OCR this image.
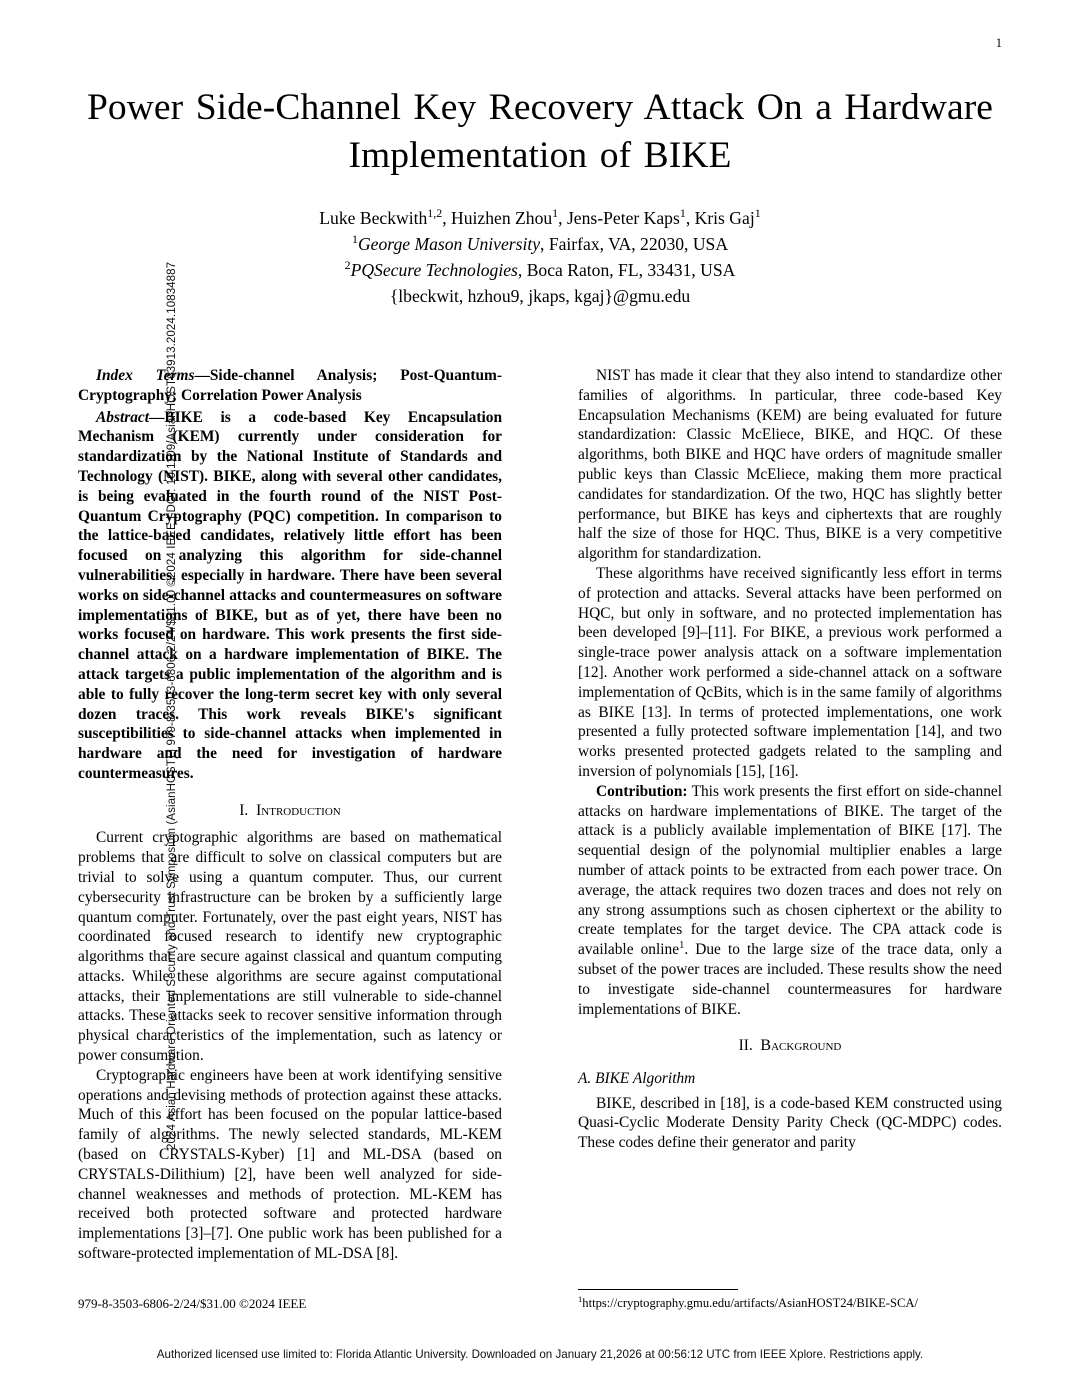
2024 Asian Hardware Oriented Security and Trust Symposium (AsianHOST) | 979-8-3503-6806-2/24/$31.00 ©2024 IEEE | DOI: 10.1109/AsianHOST63913.2024.10834887
1
Power Side-Channel Key Recovery Attack On a Hardware Implementation of BIKE
Luke Beckwith$^{1,2}$, Huizhen Zhou$^1$, Jens-Peter Kaps$^1$, Kris Gaj$^1$
$^1$George Mason University, Fairfax, VA, 22030, USA
$^2$PQSecure Technologies, Boca Raton, FL, 33431, USA
{lbeckwit, hzhou9, jkaps, kgaj}@gmu.edu

Index Terms—Side-channel Analysis; Post-Quantum-Cryptography; Correlation Power Analysis

Abstract—BIKE is a code-based Key Encapsulation Mechanism (KEM) currently under consideration for standardization by the National Institute of Standards and Technology (NIST). BIKE, along with several other candidates, is being evaluated in the fourth round of the NIST Post-Quantum Cryptography (PQC) competition. In comparison to the lattice-based candidates, relatively little effort has been focused on analyzing this algorithm for side-channel vulnerabilities, especially in hardware. There have been several works on side-channel attacks and countermeasures on software implementations of BIKE, but as of yet, there have been no works focused on hardware. This work presents the first side-channel attack on a hardware implementation of BIKE. The attack targets a public implementation of the algorithm and is able to fully recover the long-term secret key with only several dozen traces. This work reveals BIKE's significant susceptibilities to side-channel attacks when implemented in hardware and the need for investigation of hardware countermeasures.

I. Introduction

Current cryptographic algorithms are based on mathematical problems that are difficult to solve on classical computers but are trivial to solve using a quantum computer. Thus, our current cybersecurity infrastructure can be broken by a sufficiently large quantum computer. Fortunately, over the past eight years, NIST has coordinated focused research to identify new cryptographic algorithms that are secure against classical and quantum computing attacks. While these algorithms are secure against computational attacks, their implementations are still vulnerable to side-channel attacks. These attacks seek to recover sensitive information through physical characteristics of the implementation, such as latency or power consumption.

Cryptographic engineers have been at work identifying sensitive operations and devising methods of protection against these attacks. Much of this effort has been focused on the popular lattice-based family of algorithms. The newly selected standards, ML-KEM (based on CRYSTALS-Kyber) [1] and ML-DSA (based on CRYSTALS-Dilithium) [2], have been well analyzed for side-channel weaknesses and methods of protection. ML-KEM has received both protected software and protected hardware implementations [3]–[7]. One public work has been published for a software-protected implementation of ML-DSA [8].

NIST has made it clear that they also intend to standardize other families of algorithms. In particular, three code-based Key Encapsulation Mechanisms (KEM) are being evaluated for future standardization: Classic McEliece, BIKE, and HQC. Of these algorithms, both BIKE and HQC have orders of magnitude smaller public keys than Classic McEliece, making them more practical candidates for standardization. Of the two, HQC has slightly better performance, but BIKE has keys and ciphertexts that are roughly half the size of those for HQC. Thus, BIKE is a very competitive algorithm for standardization.

These algorithms have received significantly less effort in terms of protection and attacks. Several attacks have been performed on HQC, but only in software, and no protected implementation has been developed [9]–[11]. For BIKE, a previous work performed a single-trace power analysis attack on a software implementation [12]. Another work performed a side-channel attack on a software implementation of QcBits, which is in the same family of algorithms as BIKE [13]. In terms of protected implementations, one work presented a fully protected software implementation [14], and two works presented protected gadgets related to the sampling and inversion of polynomials [15], [16].

Contribution: This work presents the first effort on side-channel attacks on hardware implementations of BIKE. The target of the attack is a publicly available implementation of BIKE [17]. The sequential design of the polynomial multiplier enables a large number of attack points to be extracted from each power trace. On average, the attack requires two dozen traces and does not rely on any strong assumptions such as chosen ciphertext or the ability to create templates for the target device. The CPA attack code is available online$^1$. Due to the large size of the trace data, only a subset of the power traces are included. These results show the need to investigate side-channel countermeasures for hardware implementations of BIKE.

II. Background
A. BIKE Algorithm

BIKE, described in [18], is a code-based KEM constructed using Quasi-Cyclic Moderate Density Parity Check (QC-MDPC) codes. These codes define their generator and parity

979-8-3503-6806-2/24/$31.00 ©2024 IEEE	$^1$https://cryptography.gmu.edu/artifacts/AsianHOST24/BIKE-SCA/
Authorized licensed use limited to: Florida Atlantic University. Downloaded on January 21,2026 at 00:56:12 UTC from IEEE Xplore. Restrictions apply.
